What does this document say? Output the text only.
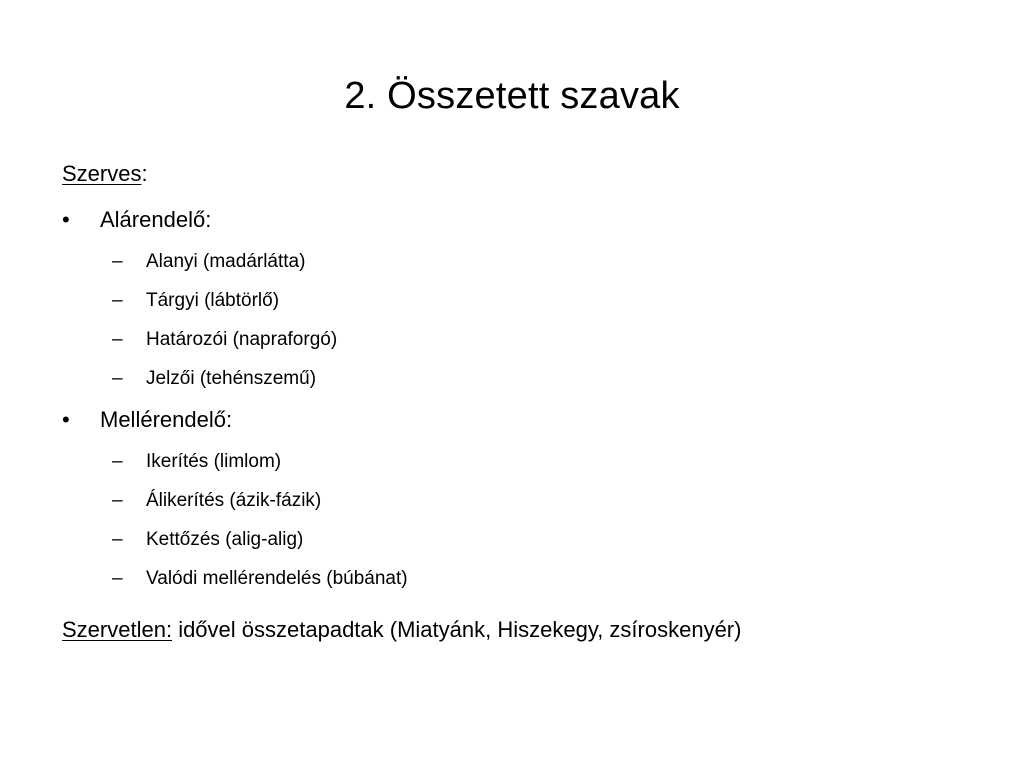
2. Összetett szavak
Szerves:
•	Alárendelő:
–	Alanyi (madárlátta)
–	Tárgyi (lábtörlő)
–	Határozói (napraforgó)
–	Jelzői (tehénszemű)
•	Mellérendelő:
–	Ikerítés (limlom)
–	Álikerítés (ázik-fázik)
–	Kettőzés (alig-alig)
–	Valódi mellérendelés (búbánat)
Szervetlen: idővel összetapadtak (Miatyánk, Hiszekegy, zsíroskenyér)
